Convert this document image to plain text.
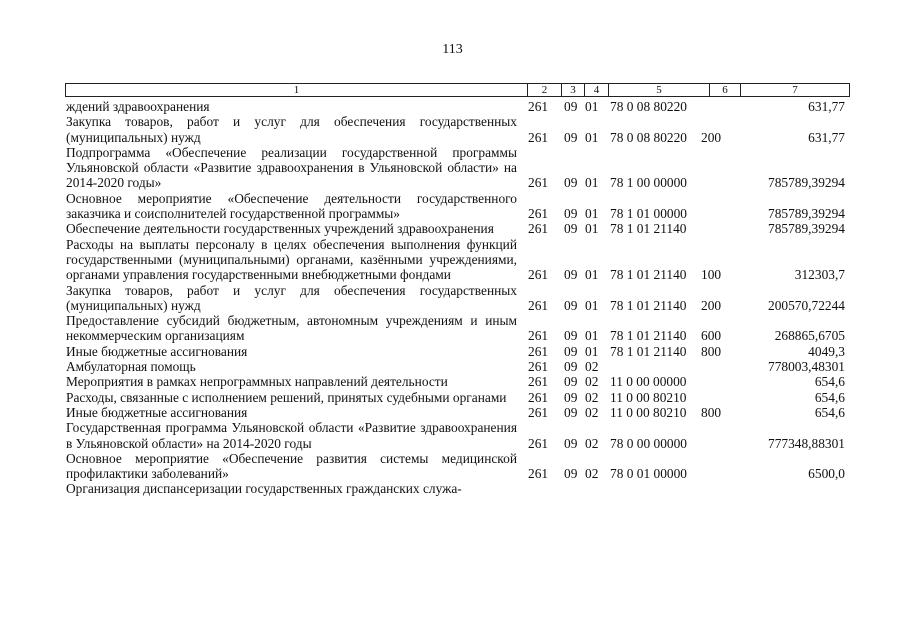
113
1	2	3	4	5	6	7
ждений здравоохранения	261	09 01 78 0 08 80220	631,77
Закупка товаров, работ и услуг для обеспечения государственных (муниципальных) нужд	261	09 01 78 0 08 80220	200	631,77
Подпрограмма «Обеспечение реализации государственной программы Ульяновской области «Развитие здравоохранения в Ульяновской области» на 2014-2020 годы»	261	09 01 78 1 00 00000	785789,39294
Основное мероприятие «Обеспечение деятельности государственного заказчика и соисполнителей государственной программы»	261	09 01 78 1 01 00000	785789,39294
Обеспечение деятельности государственных учреждений здравоохранения	261	09 01 78 1 01 21140	785789,39294
Расходы на выплаты персоналу в целях обеспечения выполнения функций государственными (муниципальными) органами, казёнными учреждениями, органами управления государственными внебюджетными фондами	261	09 01 78 1 01 21140	100	312303,7
Закупка товаров, работ и услуг для обеспечения государственных (муниципальных) нужд	261	09 01 78 1 01 21140	200	200570,72244
Предоставление субсидий бюджетным, автономным учреждениям и иным некоммерческим организациям	261	09 01 78 1 01 21140	600	268865,6705
Иные бюджетные ассигнования	261	09 01 78 1 01 21140	800	4049,3
Амбулаторная помощь	261	09 02	778003,48301
Мероприятия в рамках непрограммных направлений деятельности	261	09 02 11 0 00 00000	654,6
Расходы, связанные с исполнением решений, принятых судебными органами	261	09 02 11 0 00 80210	654,6
Иные бюджетные ассигнования	261	09 02 11 0 00 80210	800	654,6
Государственная программа Ульяновской области «Развитие здравоохранения в Ульяновской области» на 2014-2020 годы	261	09 02 78 0 00 00000	777348,88301
Основное мероприятие «Обеспечение развития системы медицинской профилактики заболеваний»	261	09 02 78 0 01 00000	6500,0
Организация диспансеризации государственных гражданских служа-
